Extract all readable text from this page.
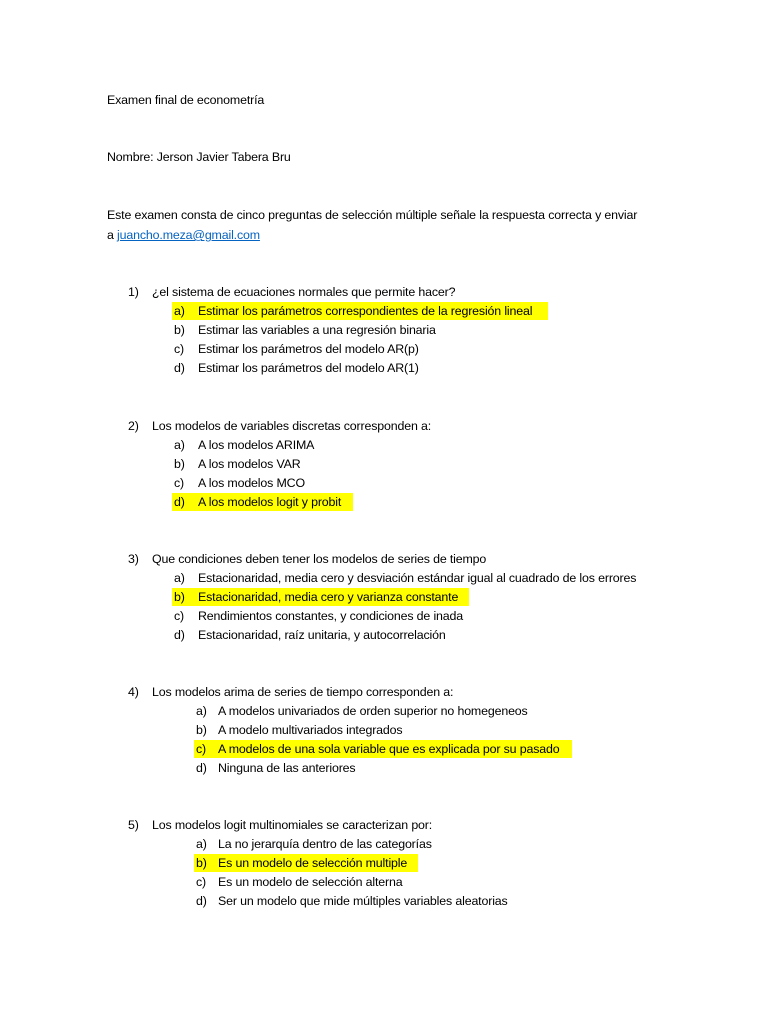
Examen final de econometría
Nombre: Jerson Javier Tabera Bru
Este examen consta de cinco preguntas de selección múltiple señale la respuesta correcta y enviar
a juancho.meza@gmail.com
1) ¿el sistema de ecuaciones normales que permite hacer?
a) Estimar los parámetros correspondientes de la regresión lineal
b) Estimar las variables a una regresión binaria
c) Estimar los parámetros del modelo AR(p)
d) Estimar los parámetros del modelo AR(1)
2) Los modelos de variables discretas corresponden a:
a) A los modelos ARIMA
b) A los modelos VAR
c) A los modelos MCO
d) A los modelos logit y probit
3) Que condiciones deben tener los modelos de series de tiempo
a) Estacionaridad, media cero y desviación estándar igual al cuadrado de los errores
b) Estacionaridad, media cero y varianza constante
c) Rendimientos constantes, y condiciones de inada
d) Estacionaridad, raíz unitaria, y autocorrelación
4) Los modelos arima de series de tiempo corresponden a:
a) A modelos univariados de orden superior no homegeneos
b) A modelo multivariados integrados
c) A modelos de una sola variable que es explicada por su pasado
d) Ninguna de las anteriores
5) Los modelos logit multinomiales se caracterizan por:
a) La no jerarquía dentro de las categorías
b) Es un modelo de selección multiple
c) Es un modelo de selección alterna
d) Ser un modelo que mide múltiples variables aleatorias
